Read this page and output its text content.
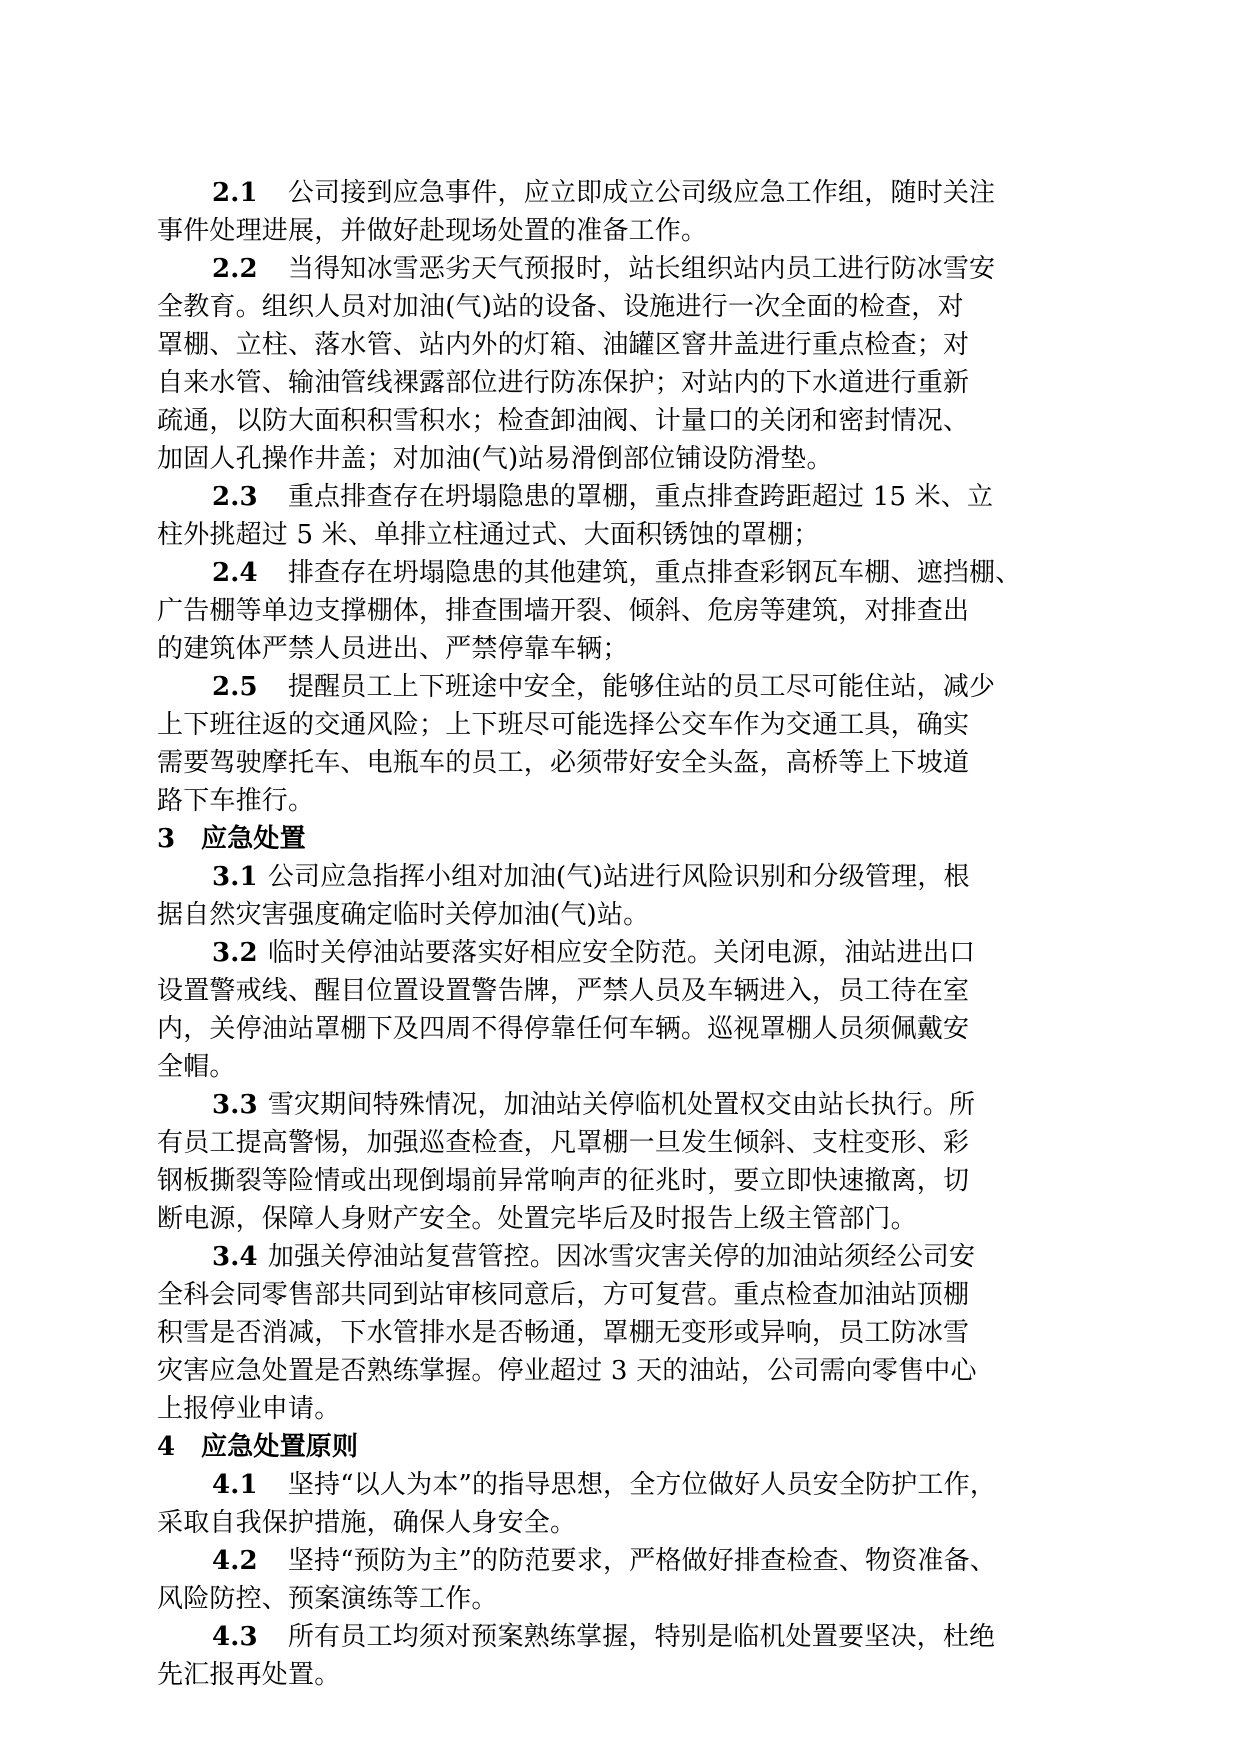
2.1 公司接到应急事件，应立即成立公司级应急工作组，随时关注
事件处理进展，并做好赴现场处置的准备工作。
2.2 当得知冰雪恶劣天气预报时，站长组织站内员工进行防冰雪安
全教育。组织人员对加油(气)站的设备、设施进行一次全面的检查，对
罩棚、立柱、落水管、站内外的灯箱、油罐区窨井盖进行重点检查；对
自来水管、输油管线裸露部位进行防冻保护；对站内的下水道进行重新
疏通，以防大面积积雪积水；检查卸油阀、计量口的关闭和密封情况、
加固人孔操作井盖；对加油(气)站易滑倒部位铺设防滑垫。
2.3 重点排查存在坍塌隐患的罩棚，重点排查跨距超过 15 米、立
柱外挑超过 5 米、单排立柱通过式、大面积锈蚀的罩棚；
2.4 排查存在坍塌隐患的其他建筑，重点排查彩钢瓦车棚、遮挡棚、
广告棚等单边支撑棚体，排查围墙开裂、倾斜、危房等建筑，对排查出
的建筑体严禁人员进出、严禁停靠车辆；
2.5 提醒员工上下班途中安全，能够住站的员工尽可能住站，减少
上下班往返的交通风险；上下班尽可能选择公交车作为交通工具，确实
需要驾驶摩托车、电瓶车的员工，必须带好安全头盔，高桥等上下坡道
路下车推行。
3 应急处置
3.1 公司应急指挥小组对加油(气)站进行风险识别和分级管理，根
据自然灾害强度确定临时关停加油(气)站。
3.2 临时关停油站要落实好相应安全防范。关闭电源，油站进出口
设置警戒线、醒目位置设置警告牌，严禁人员及车辆进入，员工待在室
内，关停油站罩棚下及四周不得停靠任何车辆。巡视罩棚人员须佩戴安
全帽。
3.3 雪灾期间特殊情况，加油站关停临机处置权交由站长执行。所
有员工提高警惕，加强巡查检查，凡罩棚一旦发生倾斜、支柱变形、彩
钢板撕裂等险情或出现倒塌前异常响声的征兆时，要立即快速撤离，切
断电源，保障人身财产安全。处置完毕后及时报告上级主管部门。
3.4 加强关停油站复营管控。因冰雪灾害关停的加油站须经公司安
全科会同零售部共同到站审核同意后，方可复营。重点检查加油站顶棚
积雪是否消减，下水管排水是否畅通，罩棚无变形或异响，员工防冰雪
灾害应急处置是否熟练掌握。停业超过 3 天的油站，公司需向零售中心
上报停业申请。
4 应急处置原则
4.1 坚持“以人为本”的指导思想，全方位做好人员安全防护工作，
采取自我保护措施，确保人身安全。
4.2 坚持“预防为主”的防范要求，严格做好排查检查、物资准备、
风险防控、预案演练等工作。
4.3 所有员工均须对预案熟练掌握，特别是临机处置要坚决，杜绝
先汇报再处置。
